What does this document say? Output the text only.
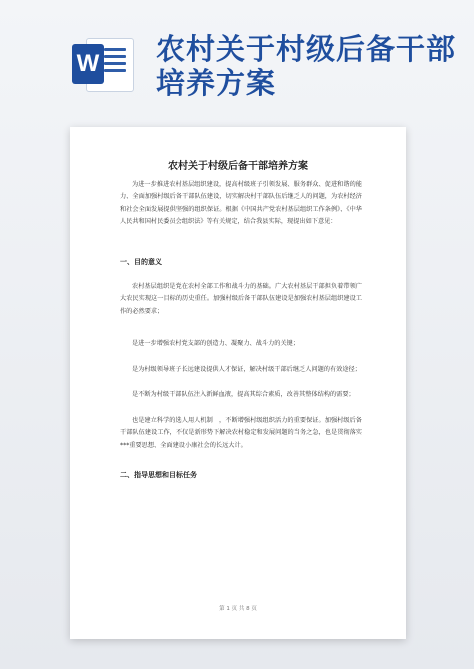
W 农村关于村级后备干部培养方案
农村关于村级后备干部培养方案
为进一步推进农村基层组织建设，提高村级班子引领发展、服务群众、促进和谐的能力、全面加强村级后备干部队伍建设，切实解决村干部队伍后继乏人的问题，为农村经济和社会全面发展提供坚强的组织保证。根据《中国共产党农村基层组织工作条例》、《中华人民共和国村民委员会组织法》等有关规定，结合我县实际，现提出如下意见：
一、目的意义
农村基层组织是党在农村全部工作和战斗力的基础。广大农村基层干部担负着带领广大农民实现这一目标的历史重任。加强村级后备干部队伍建设是加强农村基层组织建设工作的必然要求；
是进一步增强农村党支部的创造力、凝聚力、战斗力的关键；
是为村级领导班子长远建设提供人才保证，解决村级干部后继乏人问题的有效途径；
是不断为村级干部队伍注入新鲜血液，提高其综合素质，改善其整体结构的需要；
也是建立科学的选人用人机制　，不断增强村级组织活力的重要保证。加强村级后备干部队伍建设工作，不仅是新形势下解决农村稳定和发展问题的当务之急，也是贯彻落实***重要思想、全面建设小康社会的长远大计。
二、指导思想和目标任务
第 1 页 共 8 页
